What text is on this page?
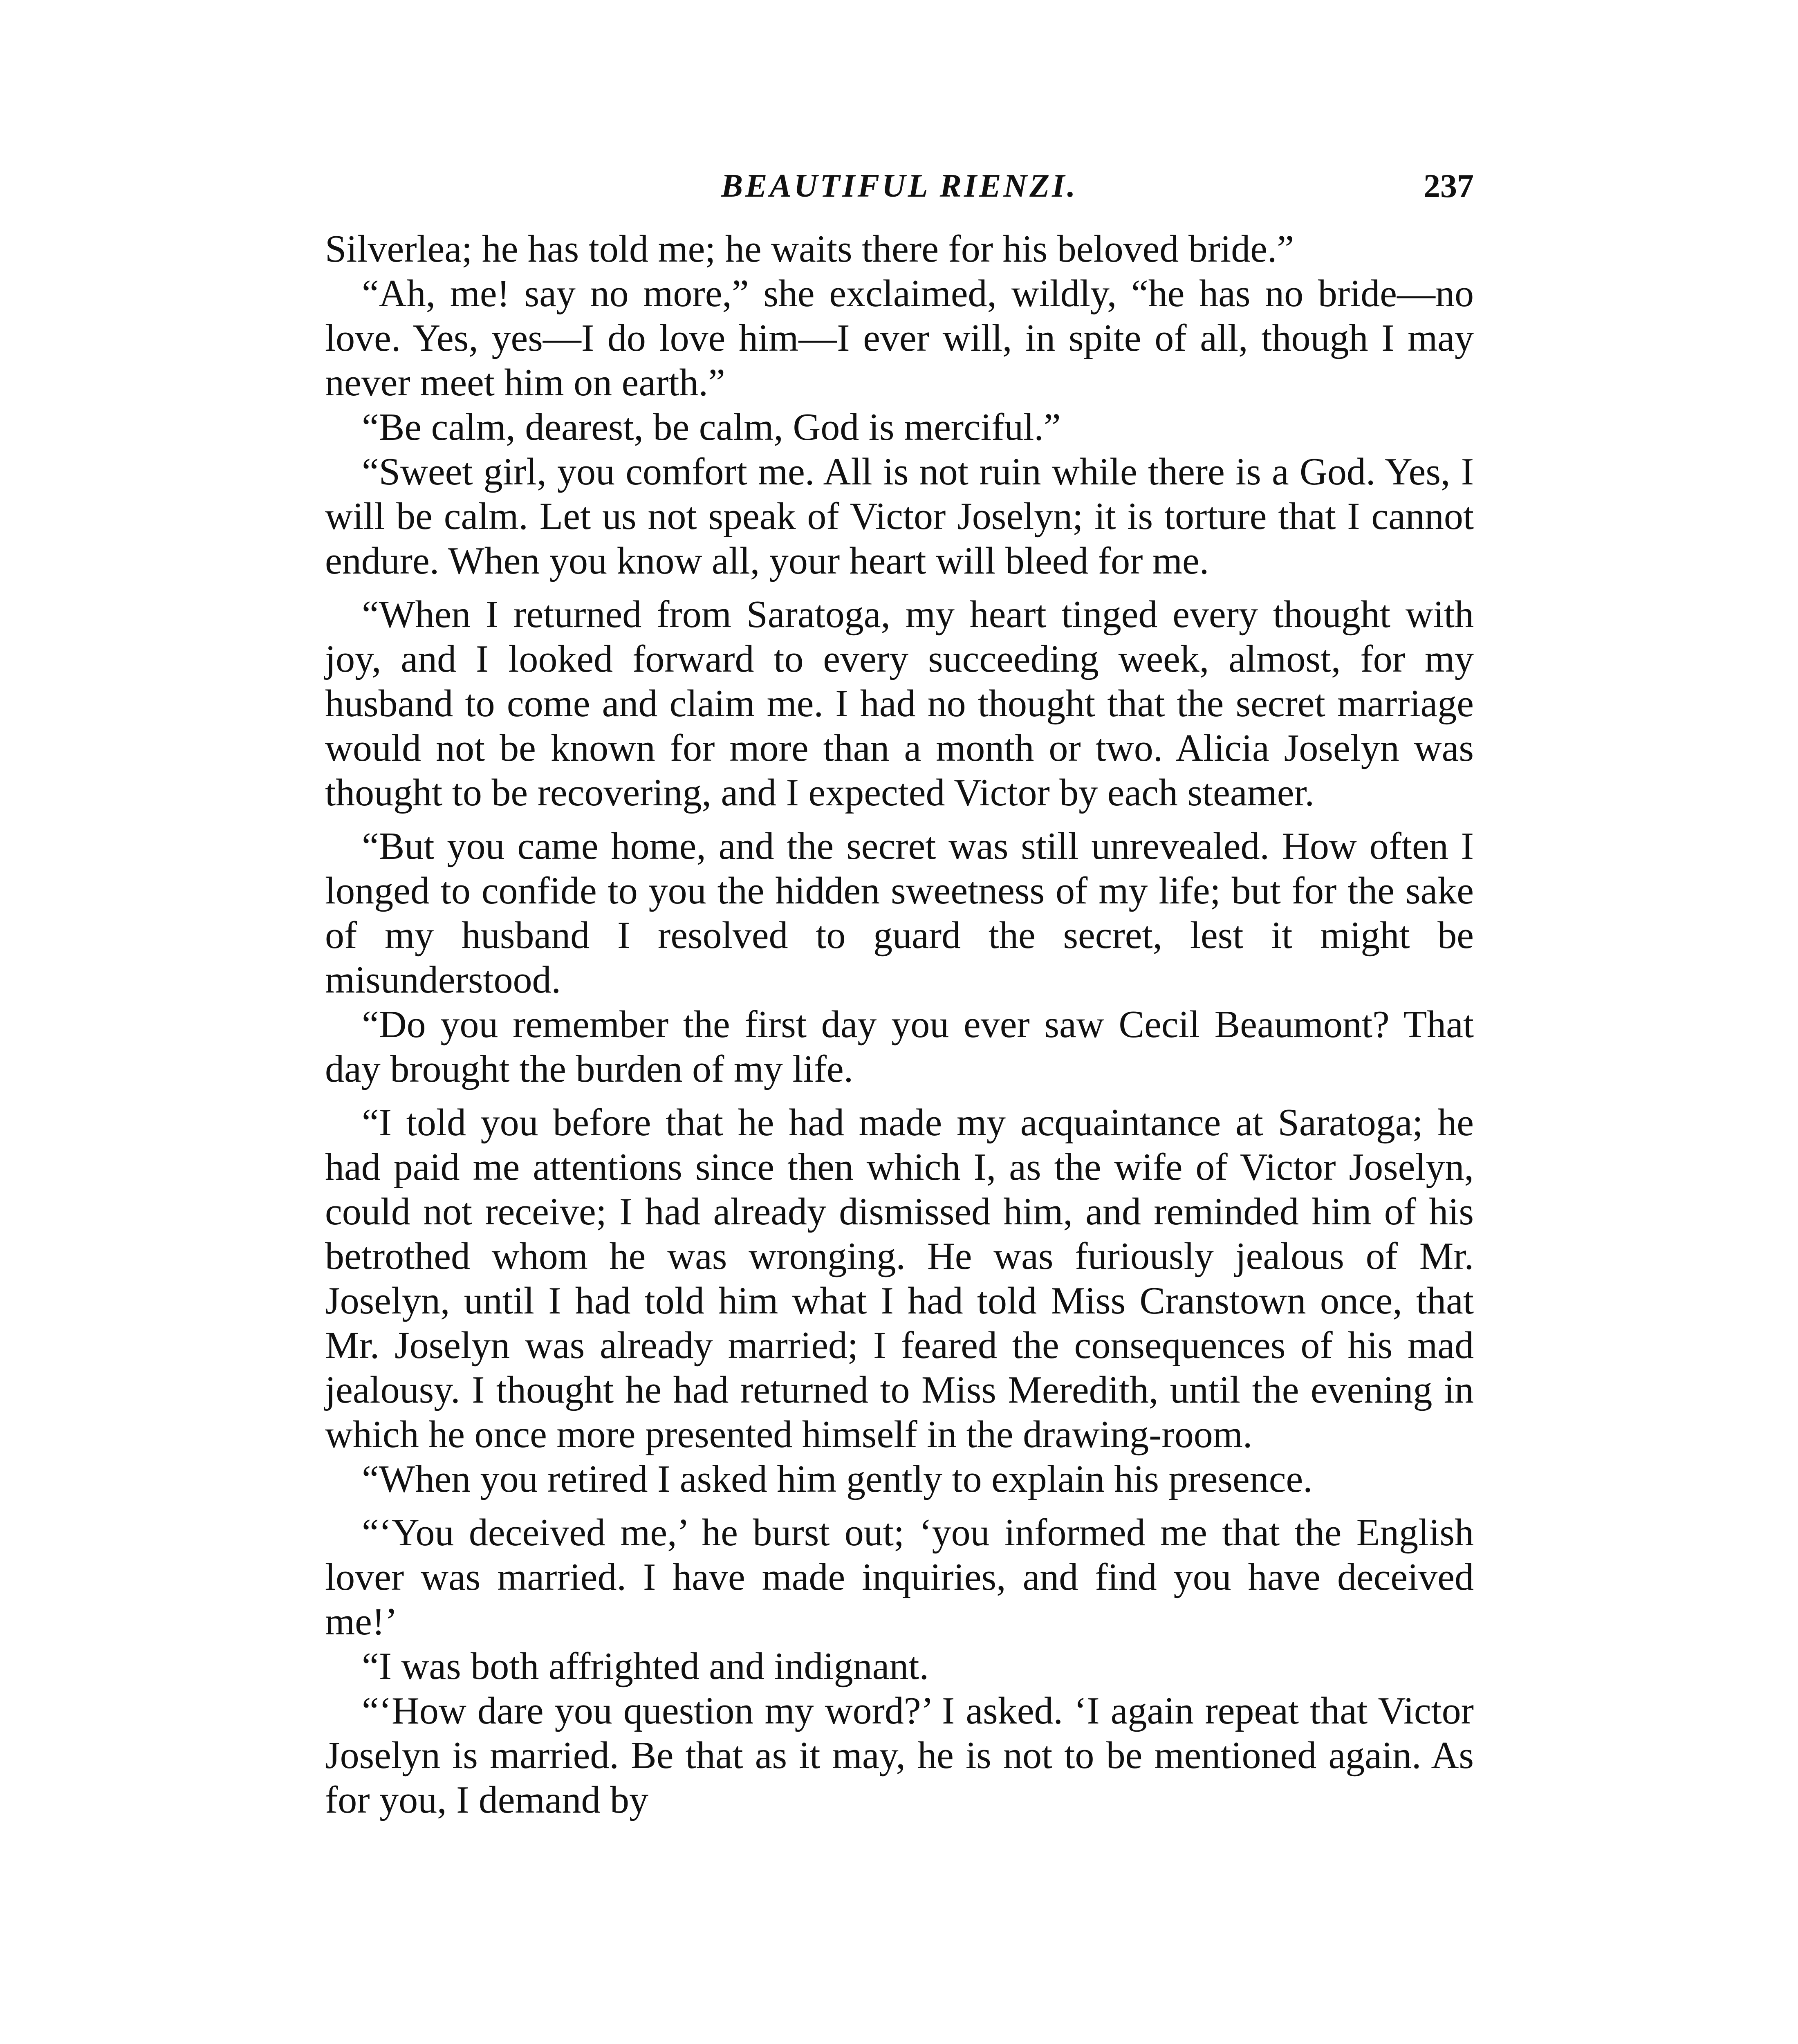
BEAUTIFUL RIENZI.	237

Silverlea; he has told me; he waits there for his beloved bride.”

“Ah, me! say no more,” she exclaimed, wildly, “he has no bride—no love. Yes, yes—I do love him—I ever will, in spite of all, though I may never meet him on earth.”

“Be calm, dearest, be calm, God is merciful.”

“Sweet girl, you comfort me. All is not ruin while there is a God. Yes, I will be calm. Let us not speak of Victor Joselyn; it is torture that I cannot endure. When you know all, your heart will bleed for me.

“When I returned from Saratoga, my heart tinged every thought with joy, and I looked forward to every succeeding week, almost, for my husband to come and claim me. I had no thought that the secret marriage would not be known for more than a month or two. Alicia Joselyn was thought to be recovering, and I expected Victor by each steamer.

“But you came home, and the secret was still unrevealed. How often I longed to confide to you the hidden sweetness of my life; but for the sake of my husband I resolved to guard the secret, lest it might be misunderstood.

“Do you remember the first day you ever saw Cecil Beaumont? That day brought the burden of my life.

“I told you before that he had made my acquaintance at Saratoga; he had paid me attentions since then which I, as the wife of Victor Joselyn, could not receive; I had already dismissed him, and reminded him of his betrothed whom he was wronging. He was furiously jealous of Mr. Joselyn, until I had told him what I had told Miss Cranstown once, that Mr. Joselyn was already married; I feared the consequences of his mad jealousy. I thought he had returned to Miss Meredith, until the evening in which he once more presented himself in the drawing-room.

“When you retired I asked him gently to explain his presence.

“‘You deceived me,’ he burst out; ‘you informed me that the English lover was married. I have made inquiries, and find you have deceived me!’

“I was both affrighted and indignant.

“‘How dare you question my word?’ I asked. ‘I again repeat that Victor Joselyn is married. Be that as it may, he is not to be mentioned again. As for you, I demand by
